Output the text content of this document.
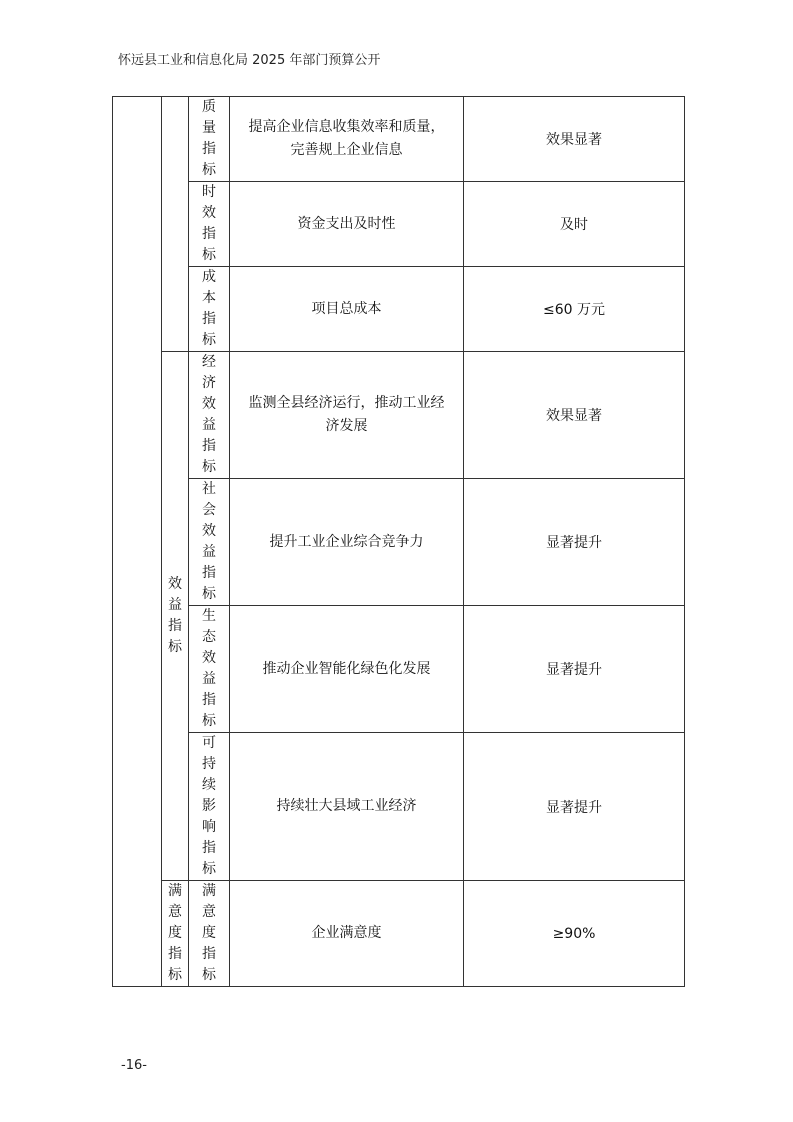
怀远县工业和信息化局 2025 年部门预算公开

		质量指标	提高企业信息收集效率和质量，完善规上企业信息	效果显著

		时效指标	资金支出及时性	及时

		成本指标	项目总成本	≤60 万元

	效益指标	经济效益指标	监测全县经济运行，推动工业经济发展	效果显著

		社会效益指标	提升工业企业综合竞争力	显著提升

		生态效益指标	推动企业智能化绿色化发展	显著提升

		可持续影响指标	持续壮大县域工业经济	显著提升

	满意度指标	满意度指标	企业满意度	≥90%
-16-
